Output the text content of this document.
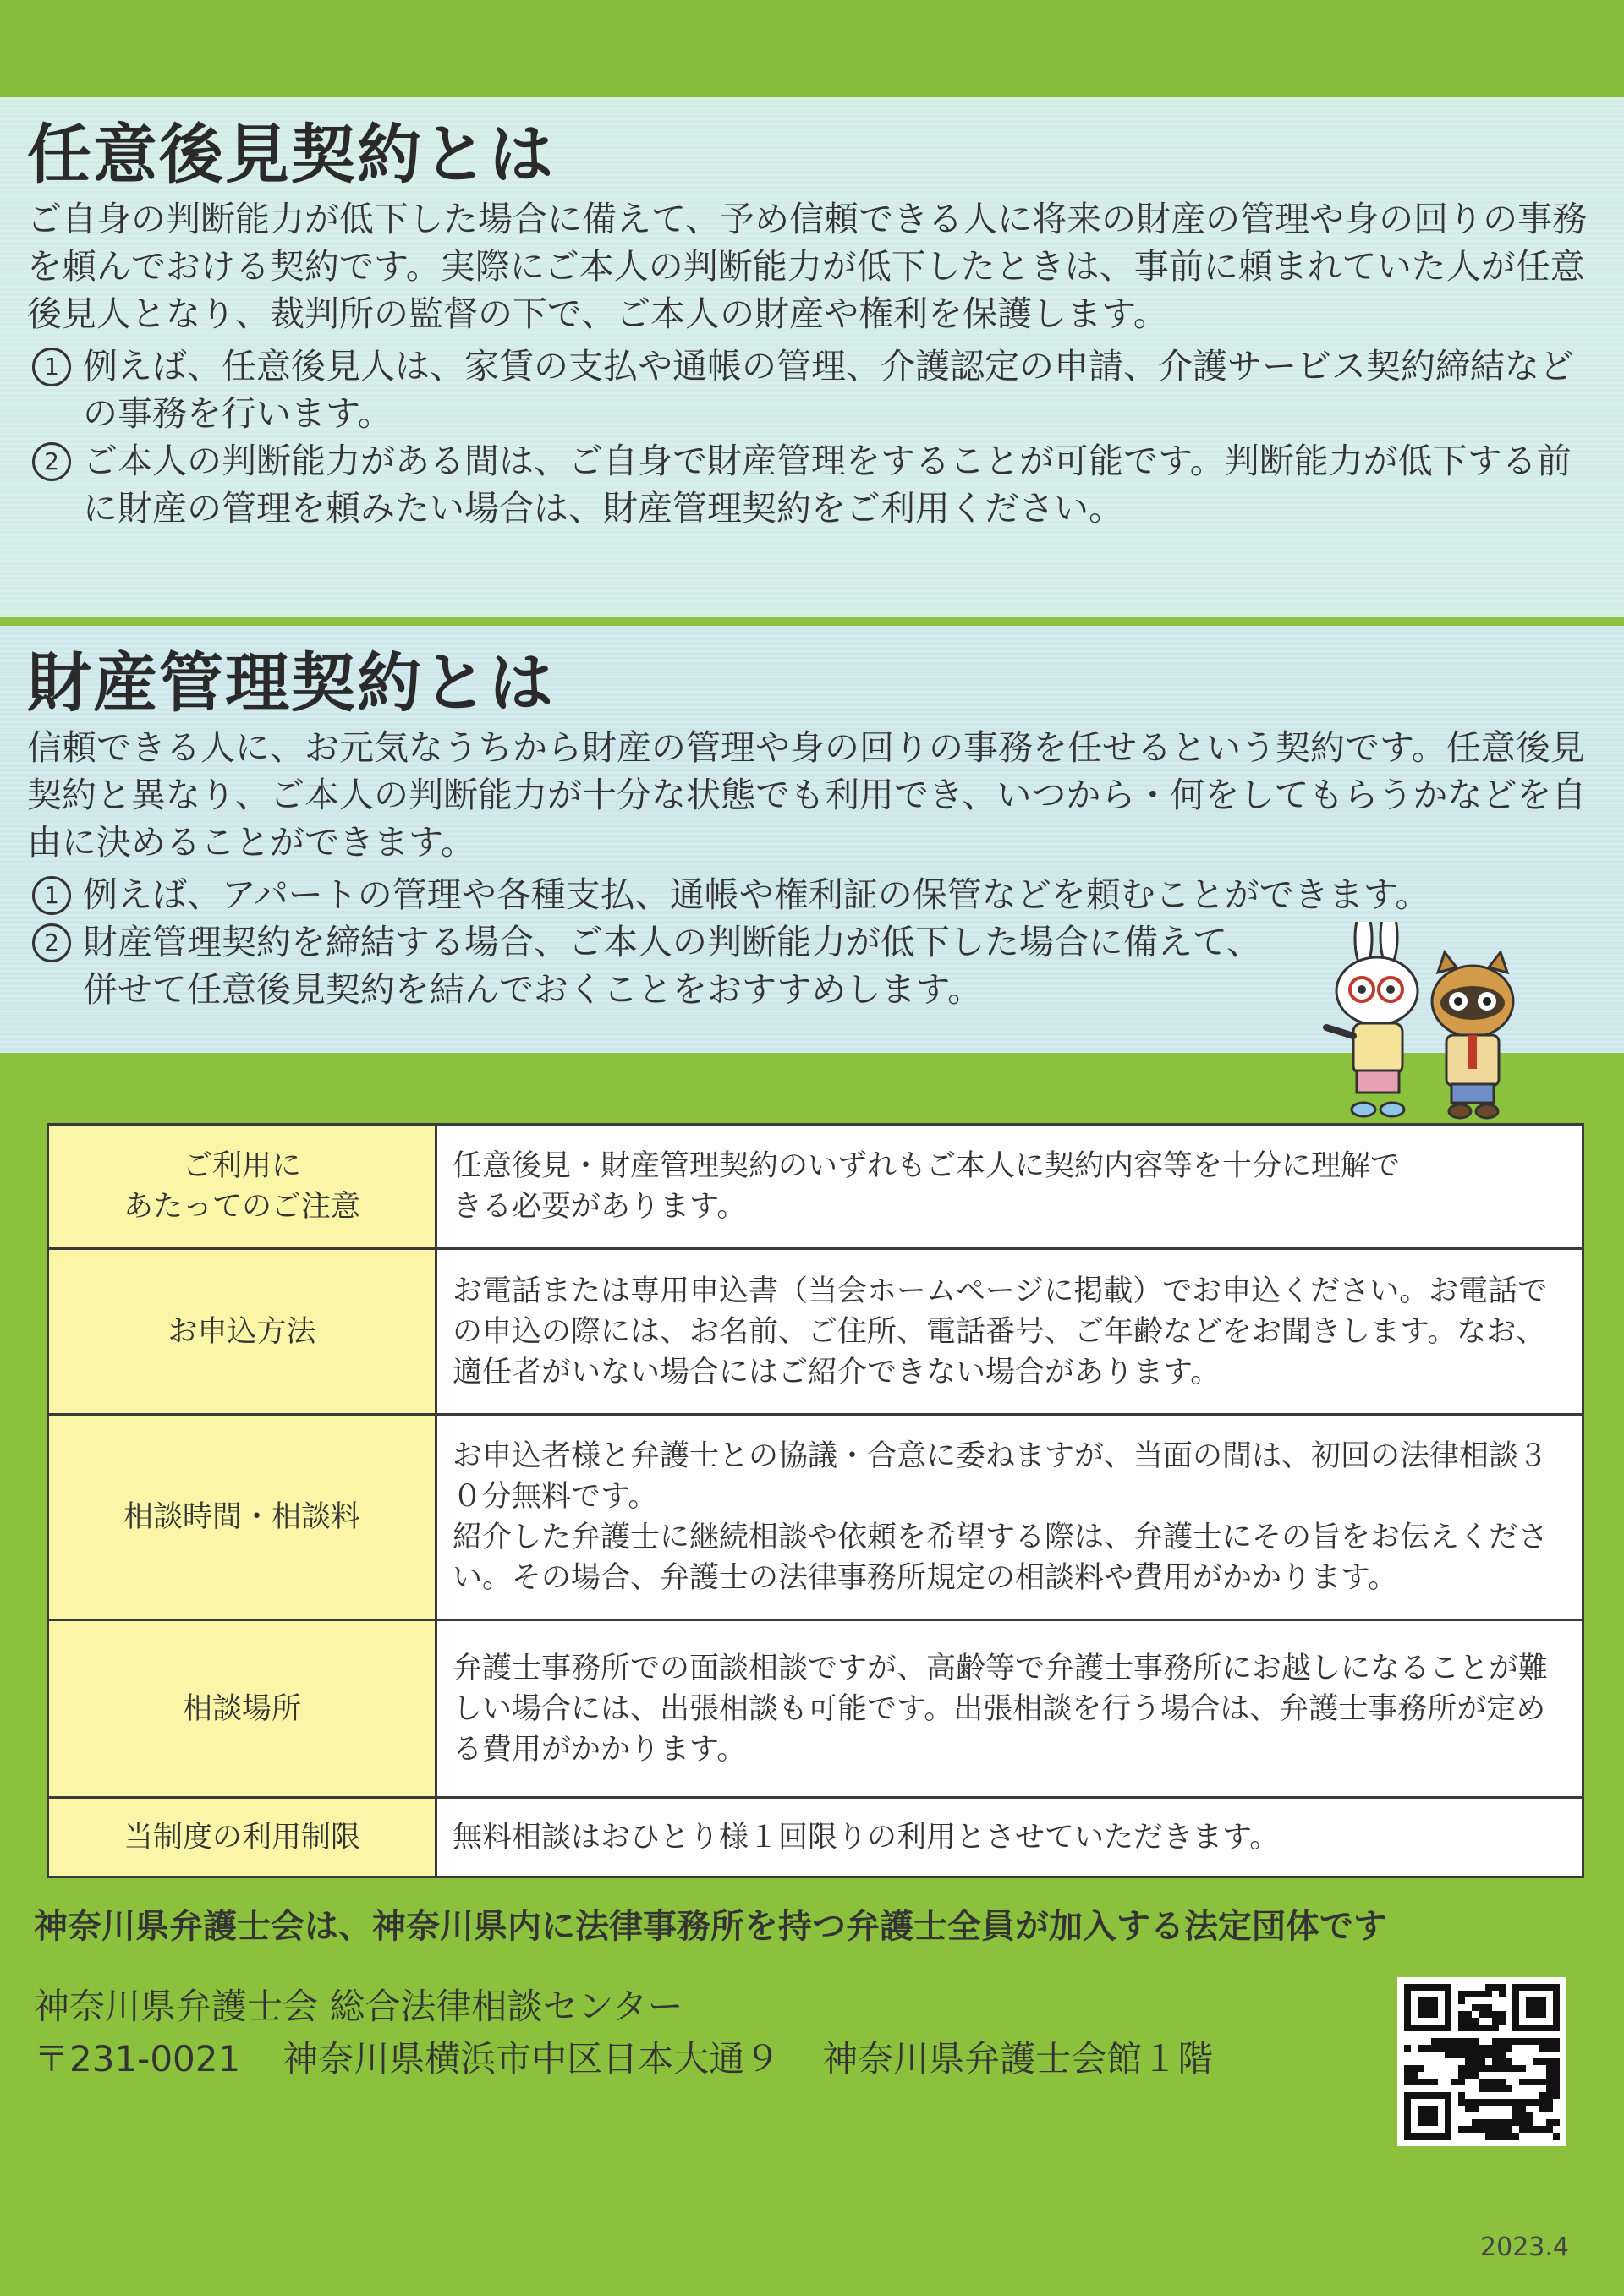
任意後見契約とは

ご自身の判断能力が低下した場合に備えて、予め信頼できる人に将来の財産の管理や身の回りの事務を頼んでおける契約です。実際にご本人の判断能力が低下したときは、事前に頼まれていた人が任意後見人となり、裁判所の監督の下で、ご本人の財産や権利を保護します。

1 例えば、任意後見人は、家賃の支払や通帳の管理、介護認定の申請、介護サービス契約締結などの事務を行います。
2 ご本人の判断能力がある間は、ご自身で財産管理をすることが可能です。判断能力が低下する前に財産の管理を頼みたい場合は、財産管理契約をご利用ください。
財産管理契約とは

信頼できる人に、お元気なうちから財産の管理や身の回りの事務を任せるという契約です。任意後見契約と異なり、ご本人の判断能力が十分な状態でも利用でき、いつから・何をしてもらうかなどを自由に決めることができます。

1 例えば、アパートの管理や各種支払、通帳や権利証の保管などを頼むことができます。
2 財産管理契約を締結する場合、ご本人の判断能力が低下した場合に備えて、併せて任意後見契約を結んでおくことをおすすめします。
ご利用に
あたってのご注意	任意後見・財産管理契約のいずれもご本人に契約内容等を十分に理解できる必要があります。
お申込方法	お電話または専用申込書（当会ホームページに掲載）でお申込ください。お電話での申込の際には、お名前、ご住所、電話番号、ご年齢などをお聞きします。なお、適任者がいない場合にはご紹介できない場合があります。
相談時間・相談料	お申込者様と弁護士との協議・合意に委ねますが、当面の間は、初回の法律相談３０分無料です。
紹介した弁護士に継続相談や依頼を希望する際は、弁護士にその旨をお伝えください。その場合、弁護士の法律事務所規定の相談料や費用がかかります。
相談場所	弁護士事務所での面談相談ですが、高齢等で弁護士事務所にお越しになることが難しい場合には、出張相談も可能です。出張相談を行う場合は、弁護士事務所が定める費用がかかります。
当制度の利用制限	無料相談はおひとり様１回限りの利用とさせていただきます。
神奈川県弁護士会は、神奈川県内に法律事務所を持つ弁護士全員が加入する法定団体です
神奈川県弁護士会 総合法律相談センター
〒231-0021 神奈川県横浜市中区日本大通９ 神奈川県弁護士会館１階
2023.4
